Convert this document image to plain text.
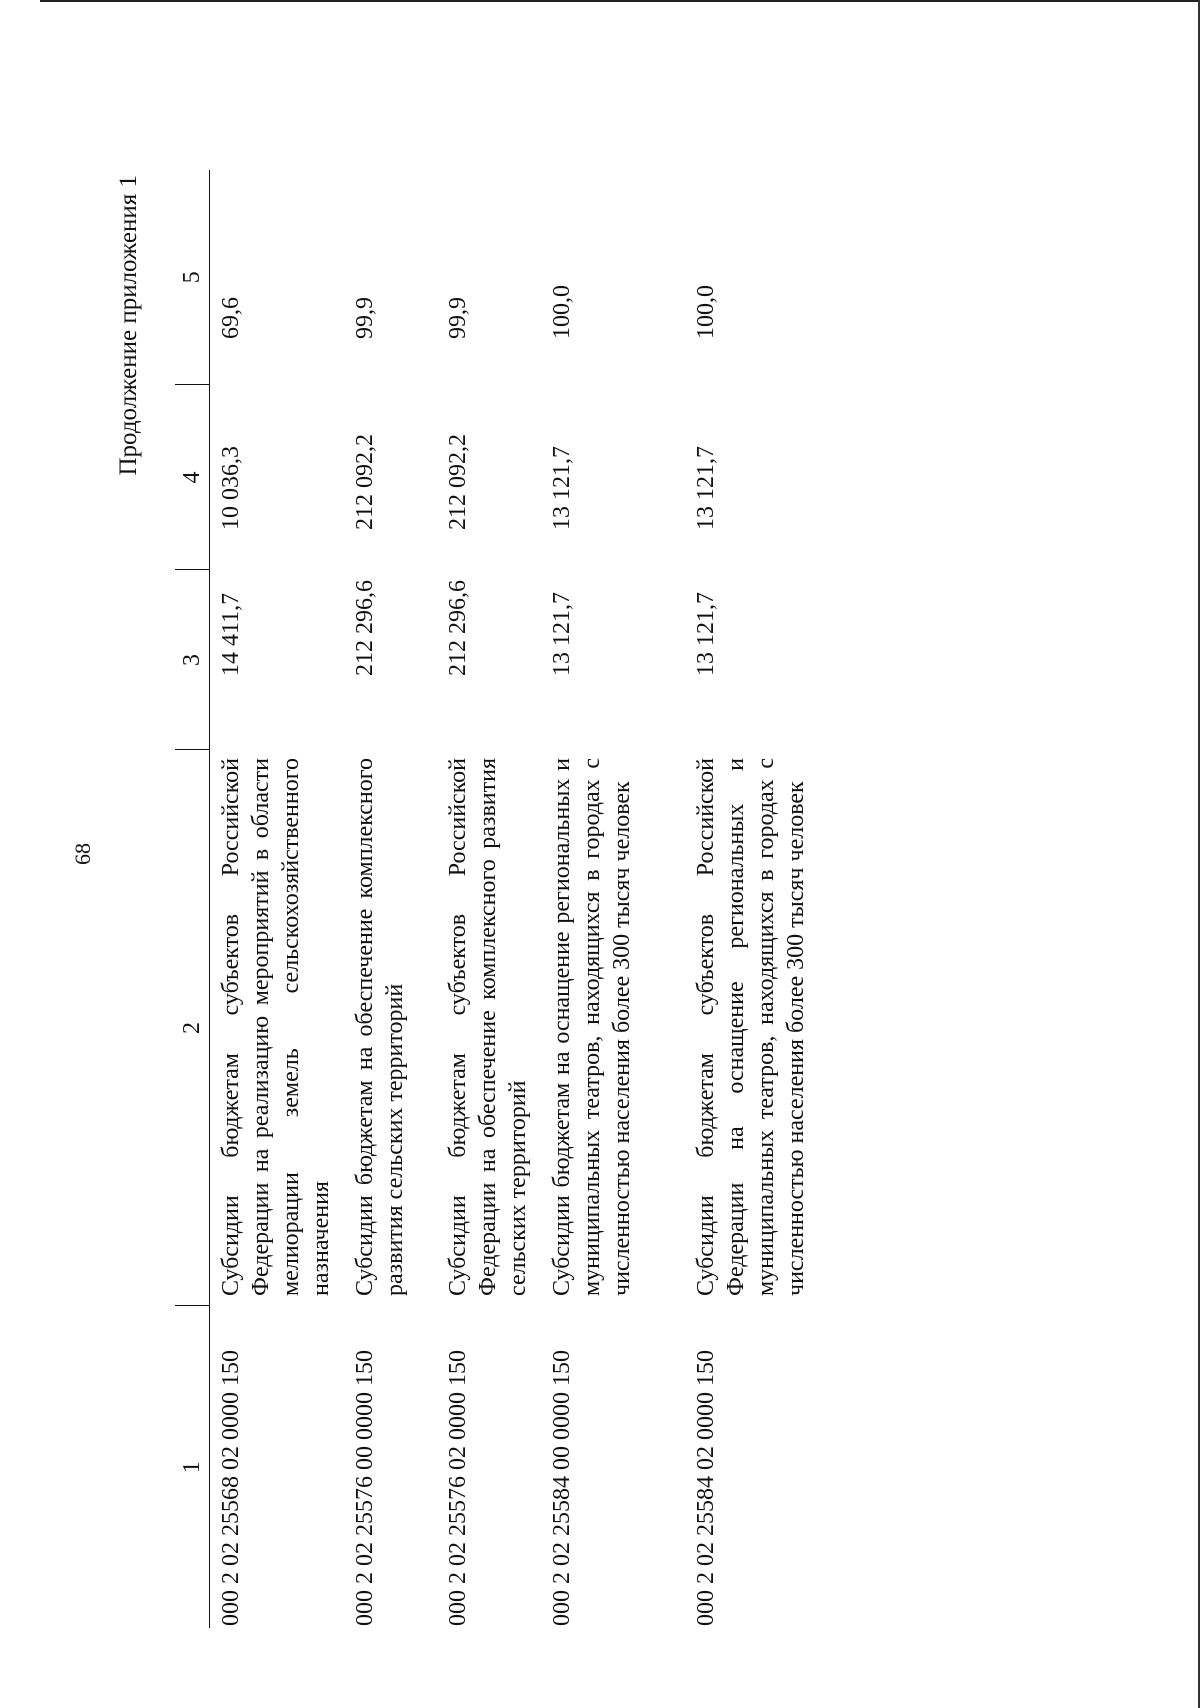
68
Продолжение приложения 1
1	2	3	4	5
000 2 02 25568 02 0000 150	Субсидии бюджетам субъектов Российской Федерации на реализацию мероприятий в области мелиорации земель сельскохозяйственного назначения	14 411,7	10 036,3	69,6
000 2 02 25576 00 0000 150	Субсидии бюджетам на обеспечение комплексного развития сельских территорий	212 296,6	212 092,2	99,9
000 2 02 25576 02 0000 150	Субсидии бюджетам субъектов Российской Федерации на обеспечение комплексного развития сельских территорий	212 296,6	212 092,2	99,9
000 2 02 25584 00 0000 150	Субсидии бюджетам на оснащение региональных и муниципальных театров, находящихся в городах с численностью населения более 300 тысяч человек	13 121,7	13 121,7	100,0
000 2 02 25584 02 0000 150	Субсидии бюджетам субъектов Российской Федерации на оснащение региональных и муниципальных театров, находящихся в городах с численностью населения более 300 тысяч человек	13 121,7	13 121,7	100,0
